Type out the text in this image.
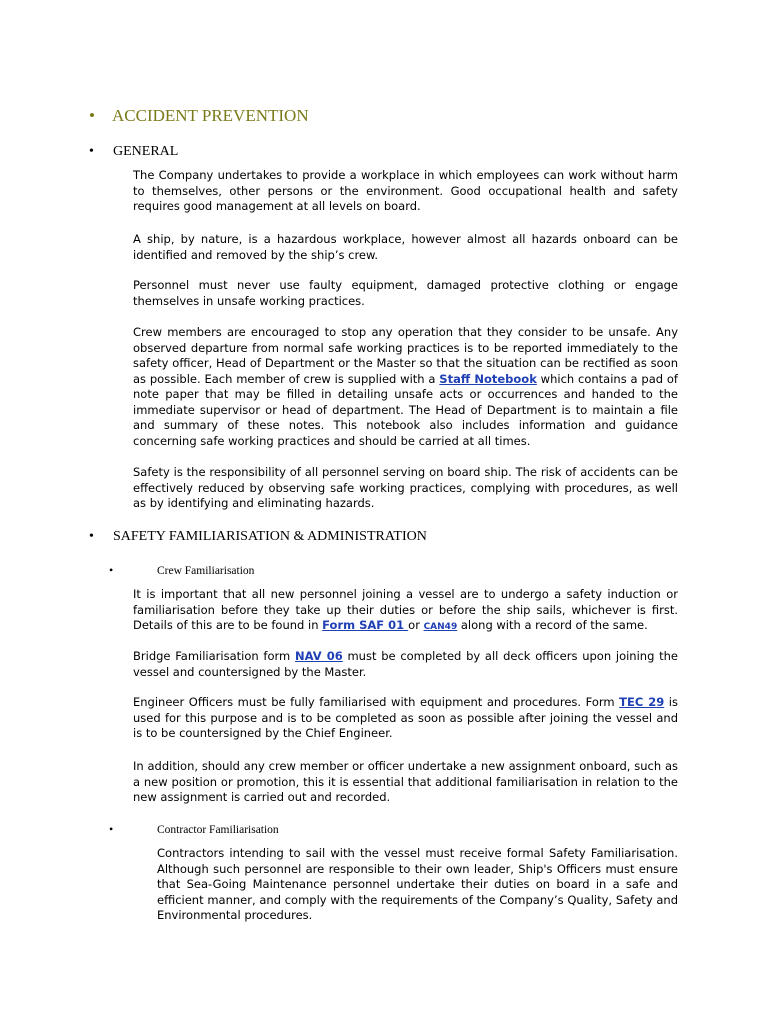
•	ACCIDENT PREVENTION
•	GENERAL

The Company undertakes to provide a workplace in which employees can work without harm to themselves, other persons or the environment. Good occupational health and safety requires good management at all levels on board.

A ship, by nature, is a hazardous workplace, however almost all hazards onboard can be identified and removed by the ship’s crew.

Personnel must never use faulty equipment, damaged protective clothing or engage themselves in unsafe working practices.

Crew members are encouraged to stop any operation that they consider to be unsafe. Any observed departure from normal safe working practices is to be reported immediately to the safety officer, Head of Department or the Master so that the situation can be rectified as soon as possible. Each member of crew is supplied with a Staff Notebook which contains a pad of note paper that may be filled in detailing unsafe acts or occurrences and handed to the immediate supervisor or head of department. The Head of Department is to maintain a file and summary of these notes. This notebook also includes information and guidance concerning safe working practices and should be carried at all times.

Safety is the responsibility of all personnel serving on board ship. The risk of accidents can be effectively reduced by observing safe working practices, complying with procedures, as well as by identifying and eliminating hazards.

•	SAFETY FAMILIARISATION & ADMINISTRATION
•	Crew Familiarisation

It is important that all new personnel joining a vessel are to undergo a safety induction or familiarisation before they take up their duties or before the ship sails, whichever is first. Details of this are to be found in Form SAF 01 or CAN49 along with a record of the same.

Bridge Familiarisation form NAV 06 must be completed by all deck officers upon joining the vessel and countersigned by the Master.

Engineer Officers must be fully familiarised with equipment and procedures. Form TEC 29 is used for this purpose and is to be completed as soon as possible after joining the vessel and is to be countersigned by the Chief Engineer.

In addition, should any crew member or officer undertake a new assignment onboard, such as a new position or promotion, this it is essential that additional familiarisation in relation to the new assignment is carried out and recorded.

•	Contractor Familiarisation

Contractors intending to sail with the vessel must receive formal Safety Familiarisation. Although such personnel are responsible to their own leader, Ship's Officers must ensure that Sea-Going Maintenance personnel undertake their duties on board in a safe and efficient manner, and comply with the requirements of the Company’s Quality, Safety and Environmental procedures.
